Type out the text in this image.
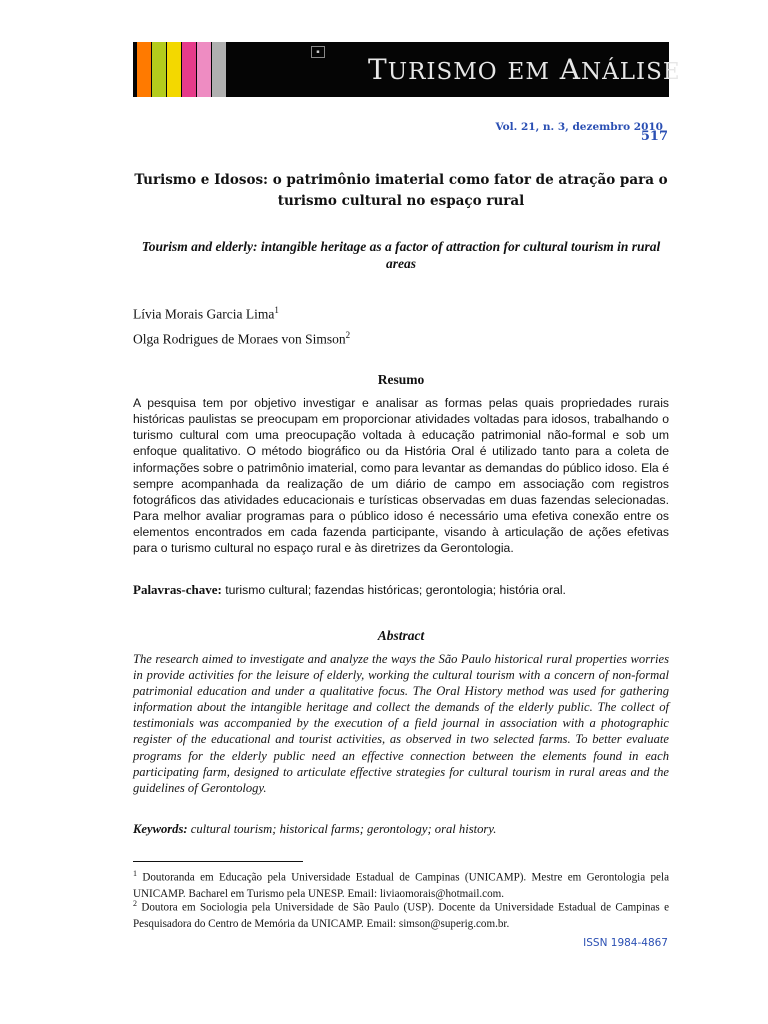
▪
TURISMO EM ANÁLISE
Vol. 21, n. 3, dezembro 2010
517
Turismo e Idosos: o patrimônio imaterial como fator de atração para o turismo cultural no espaço rural
Tourism and elderly: intangible heritage as a factor of attraction for cultural tourism in rural areas
Lívia Morais Garcia Lima$^1$
Olga Rodrigues de Moraes von Simson$^2$
Resumo
A pesquisa tem por objetivo investigar e analisar as formas pelas quais propriedades rurais históricas paulistas se preocupam em proporcionar atividades voltadas para idosos, trabalhando o turismo cultural com uma preocupação voltada à educação patrimonial não-formal e sob um enfoque qualitativo. O método biográfico ou da História Oral é utilizado tanto para a coleta de informações sobre o patrimônio imaterial, como para levantar as demandas do público idoso. Ela é sempre acompanhada da realização de um diário de campo em associação com registros fotográficos das atividades educacionais e turísticas observadas em duas fazendas selecionadas. Para melhor avaliar programas para o público idoso é necessário uma efetiva conexão entre os elementos encontrados em cada fazenda participante, visando à articulação de ações efetivas para o turismo cultural no espaço rural e às diretrizes da Gerontologia.
Palavras-chave: turismo cultural; fazendas históricas; gerontologia; história oral.
Abstract
The research aimed to investigate and analyze the ways the São Paulo historical rural properties worries in provide activities for the leisure of elderly, working the cultural tourism with a concern of non-formal patrimonial education and under a qualitative focus. The Oral History method was used for gathering information about the intangible heritage and collect the demands of the elderly public. The collect of testimonials was accompanied by the execution of a field journal in association with a photographic register of the educational and tourist activities, as observed in two selected farms. To better evaluate programs for the elderly public need an effective connection between the elements found in each participating farm, designed to articulate effective strategies for cultural tourism in rural areas and the guidelines of Gerontology.
Keywords: cultural tourism; historical farms; gerontology; oral history.
$^1$ Doutoranda em Educação pela Universidade Estadual de Campinas (UNICAMP). Mestre em Gerontologia pela UNICAMP. Bacharel em Turismo pela UNESP. Email: liviaomorais@hotmail.com.
$^2$ Doutora em Sociologia pela Universidade de São Paulo (USP). Docente da Universidade Estadual de Campinas e Pesquisadora do Centro de Memória da UNICAMP. Email: simson@superig.com.br.
ISSN 1984-4867
